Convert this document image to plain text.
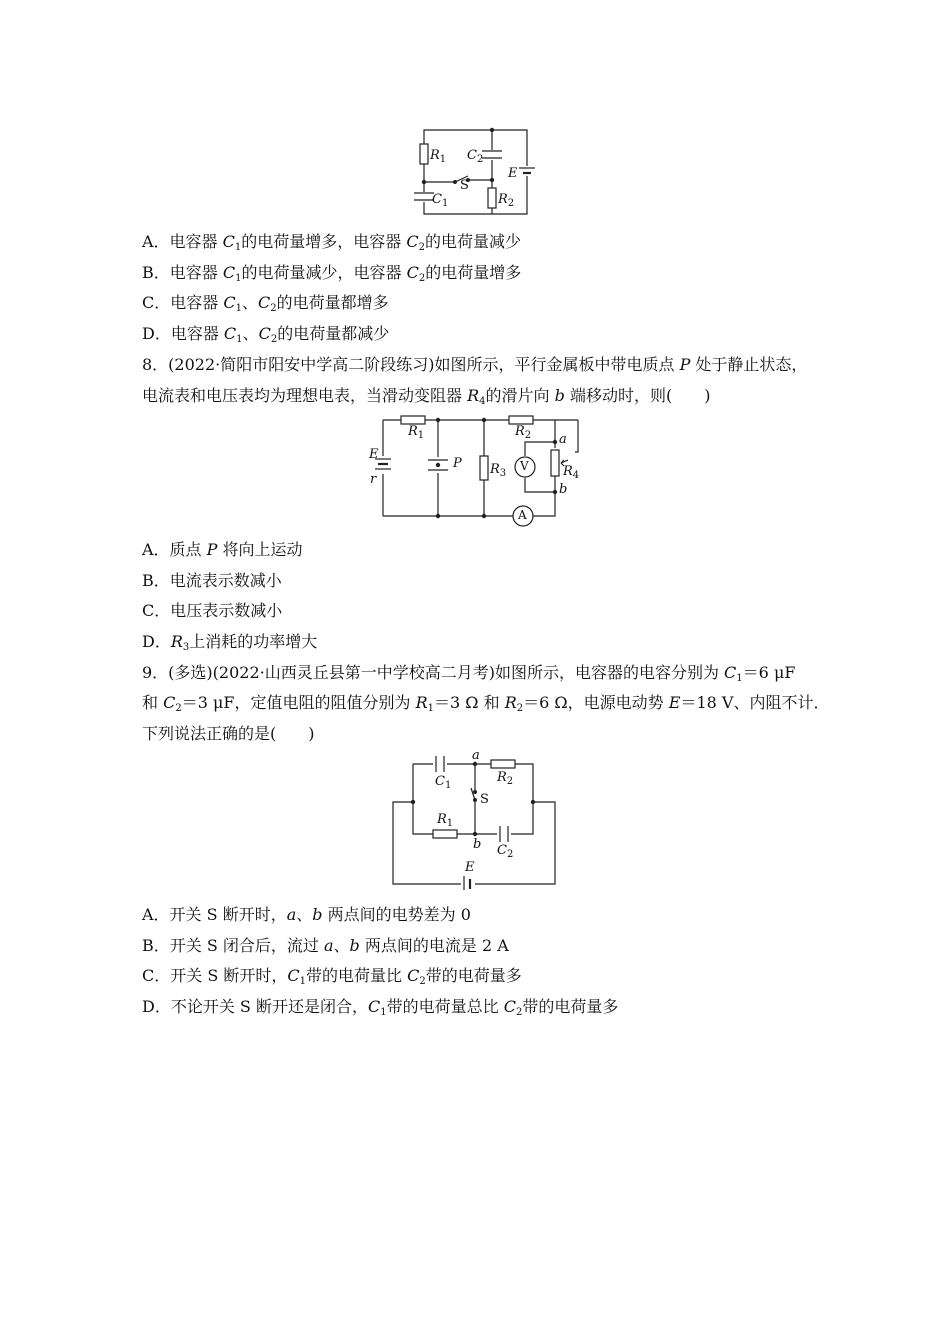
$R_1$ $C_2$
E
S
$C_1$	$R_2$
A．电容器 $C_1$的电荷量增多，电容器 $C_2$的电荷量减少
B．电容器 $C_1$的电荷量减少，电容器 $C_2$的电荷量增多
C．电容器 $C_1$、$C_2$的电荷量都增多
D．电容器 $C_1$、$C_2$的电荷量都减少
8．(2022·简阳市阳安中学高二阶段练习)如图所示，平行金属板中带电质点 P 处于静止状态，
电流表和电压表均为理想电表，当滑动变阻器 $R_4$的滑片向 b 端移动时，则(　　)
$R_1$	$R_2$
$R_3$	$R_4$
E
r
P
a
b
V
A
A．质点 P 将向上运动
B．电流表示数减小
C．电压表示数减小
D．$R_3$上消耗的功率增大
9．(多选)(2022·山西灵丘县第一中学校高二月考)如图所示，电容器的电容分别为 $C_1=6$ μF
和 $C_2=3$ μF，定值电阻的阻值分别为 $R_1=3$ Ω 和 $R_2=6$ Ω，电源电动势 E＝18 V、内阻不计．
下列说法正确的是(　　)
$C_1$
a
$R_2$
S
$R_1$
b $C_2$
E
A．开关 S 断开时，a、b 两点间的电势差为 0
B．开关 S 闭合后，流过 a、b 两点间的电流是 2 A
C．开关 S 断开时，$C_1$带的电荷量比 $C_2$带的电荷量多
D．不论开关 S 断开还是闭合，$C_1$带的电荷量总比 $C_2$带的电荷量多
